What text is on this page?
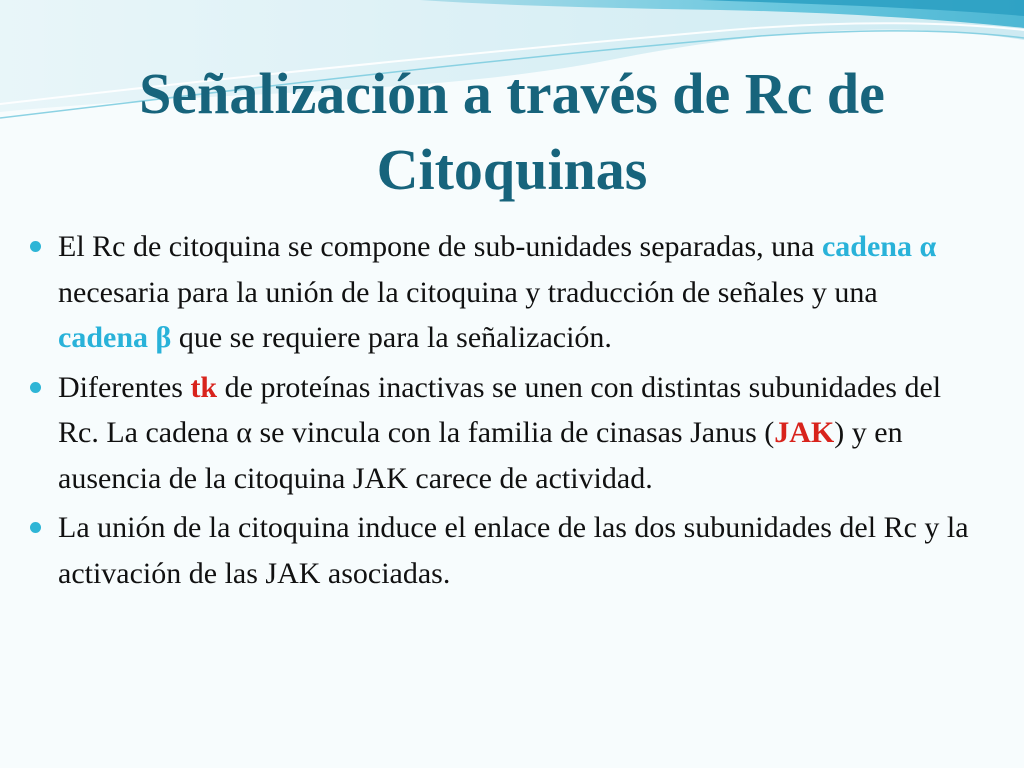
Señalización a través de Rc de
Citoquinas
El Rc de citoquina se compone de sub-unidades separadas, una cadena α necesaria para la unión de la citoquina y traducción de señales y una cadena β que se requiere para la señalización.
Diferentes tk de proteínas inactivas se unen con distintas subunidades del Rc. La cadena α se vincula con la familia de cinasas Janus (JAK) y en ausencia de la citoquina JAK carece de actividad.
La unión de la citoquina induce el enlace de las dos subunidades del Rc y la activación de las JAK asociadas.
